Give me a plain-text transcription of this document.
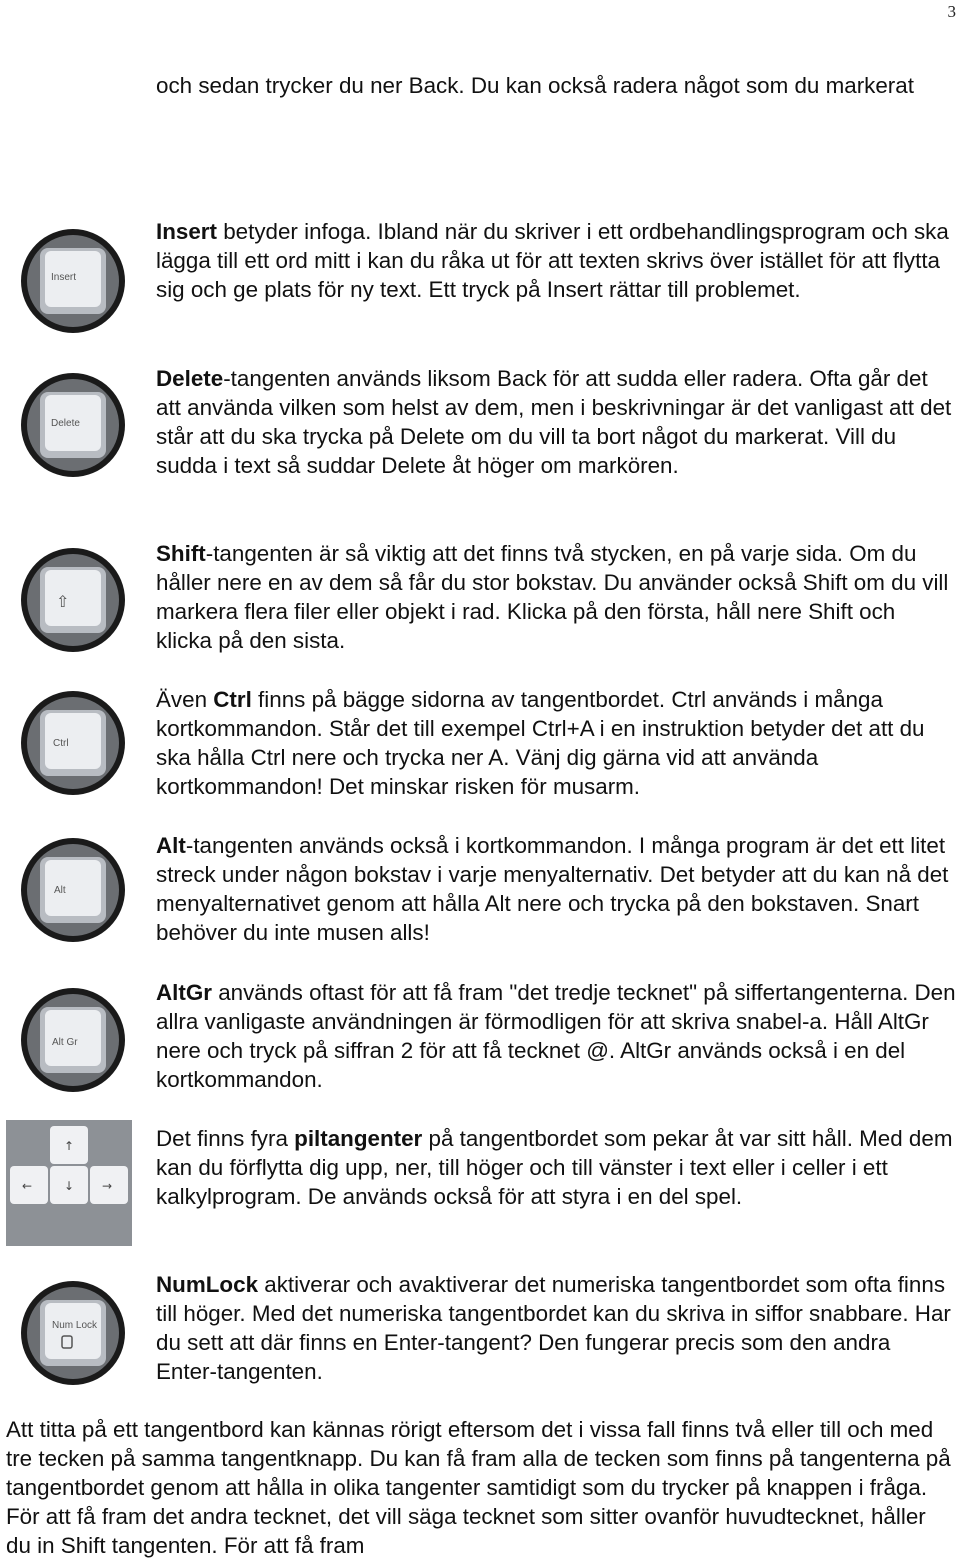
3

och sedan trycker du ner Back. Du kan också radera något som du markerat

Insert

Insert betyder infoga. Ibland när du skriver i ett ordbehandlingsprogram och ska lägga till ett ord mitt i kan du råka ut för att texten skrivs över istället för att flytta sig och ge plats för ny text. Ett tryck på Insert rättar till problemet.

Delete

Delete-tangenten används liksom Back för att sudda eller radera. Ofta går det att använda vilken som helst av dem, men i beskrivningar är det vanligast att det står att du ska trycka på Delete om du vill ta bort något du markerat. Vill du sudda i text så suddar Delete åt höger om markören.

⇧

Shift-tangenten är så viktig att det finns två stycken, en på varje sida. Om du håller nere en av dem så får du stor bokstav. Du använder också Shift om du vill markera flera filer eller objekt i rad. Klicka på den första, håll nere Shift och klicka på den sista.

Ctrl

Även Ctrl finns på bägge sidorna av tangentbordet. Ctrl används i många kortkommandon. Står det till exempel Ctrl+A i en instruktion betyder det att du ska hålla Ctrl nere och trycka ner A. Vänj dig gärna vid att använda kortkommandon! Det minskar risken för musarm.

Alt

Alt-tangenten används också i kortkommandon. I många program är det ett litet streck under någon bokstav i varje menyalternativ. Det betyder att du kan nå det menyalternativet genom att hålla Alt nere och trycka på den bokstaven. Snart behöver du inte musen alls!

Alt Gr

AltGr används oftast för att få fram "det tredje tecknet" på siffertangenterna. Den allra vanligaste användningen är förmodligen för att skriva snabel-a. Håll AltGr nere och tryck på siffran 2 för att få tecknet @. AltGr används också i en del kortkommandon.

↑
←	↓ →

Det finns fyra piltangenter på tangentbordet som pekar åt var sitt håll. Med dem kan du förflytta dig upp, ner, till höger och till vänster i text eller i celler i ett kalkylprogram. De används också för att styra i en del spel.

Num Lock

NumLock aktiverar och avaktiverar det numeriska tangentbordet som ofta finns till höger. Med det numeriska tangentbordet kan du skriva in siffor snabbare. Har du sett att där finns en Enter-tangent? Den fungerar precis som den andra Enter-tangenten.

Att titta på ett tangentbord kan kännas rörigt eftersom det i vissa fall finns två eller till och med tre tecken på samma tangentknapp. Du kan få fram alla de tecken som finns på tangenterna på tangentbordet genom att hålla in olika tangenter samtidigt som du trycker på knappen i fråga. För att få fram det andra tecknet, det vill säga tecknet som sitter ovanför huvudtecknet, håller du in Shift tangenten. För att få fram
